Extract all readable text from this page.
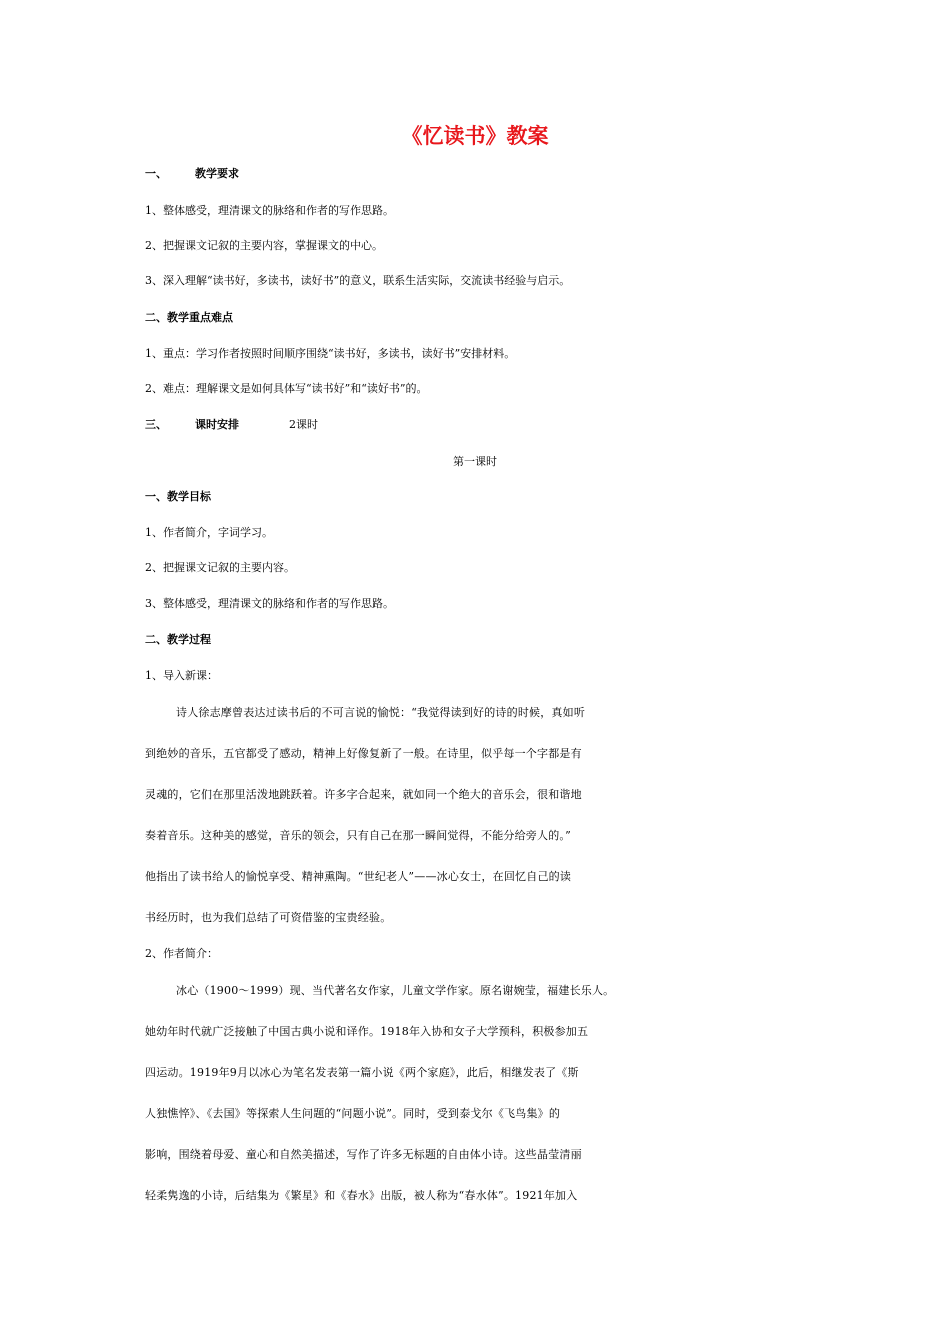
《忆读书》教案
一、	教学要求
1、整体感受，理清课文的脉络和作者的写作思路。
2、把握课文记叙的主要内容，掌握课文的中心。
3、深入理解“读书好，多读书，读好书”的意义，联系生活实际，交流读书经验与启示。
二、教学重点难点
1、重点：学习作者按照时间顺序围绕“读书好，多读书，读好书”安排材料。
2、难点：理解课文是如何具体写“读书好”和“读好书”的。
三、	课时安排	2课时
第一课时
一、教学目标
1、作者简介，字词学习。
2、把握课文记叙的主要内容。
3、整体感受，理清课文的脉络和作者的写作思路。
二、教学过程
1、导入新课：
诗人徐志摩曾表达过读书后的不可言说的愉悦：“我觉得读到好的诗的时候，真如听
到绝妙的音乐，五官都受了感动，精神上好像复新了一般。在诗里，似乎每一个字都是有
灵魂的，它们在那里活泼地跳跃着。许多字合起来，就如同一个绝大的音乐会，很和谐地
奏着音乐。这种美的感觉，音乐的领会，只有自己在那一瞬间觉得，不能分给旁人的。”
他指出了读书给人的愉悦享受、精神熏陶。“世纪老人”——冰心女士，在回忆自己的读
书经历时，也为我们总结了可资借鉴的宝贵经验。
2、作者简介：
冰心（1900～1999）现、当代著名女作家，儿童文学作家。原名谢婉莹，福建长乐人。
她幼年时代就广泛接触了中国古典小说和译作。1918年入协和女子大学预科，积极参加五
四运动。1919年9月以冰心为笔名发表第一篇小说《两个家庭》，此后，相继发表了《斯
人独憔悴》、《去国》等探索人生问题的“问题小说”。同时，受到泰戈尔《飞鸟集》的
影响，围绕着母爱、童心和自然美描述，写作了许多无标题的自由体小诗。这些晶莹清丽
轻柔隽逸的小诗，后结集为《繁星》和《春水》出版，被人称为“春水体”。1921年加入
